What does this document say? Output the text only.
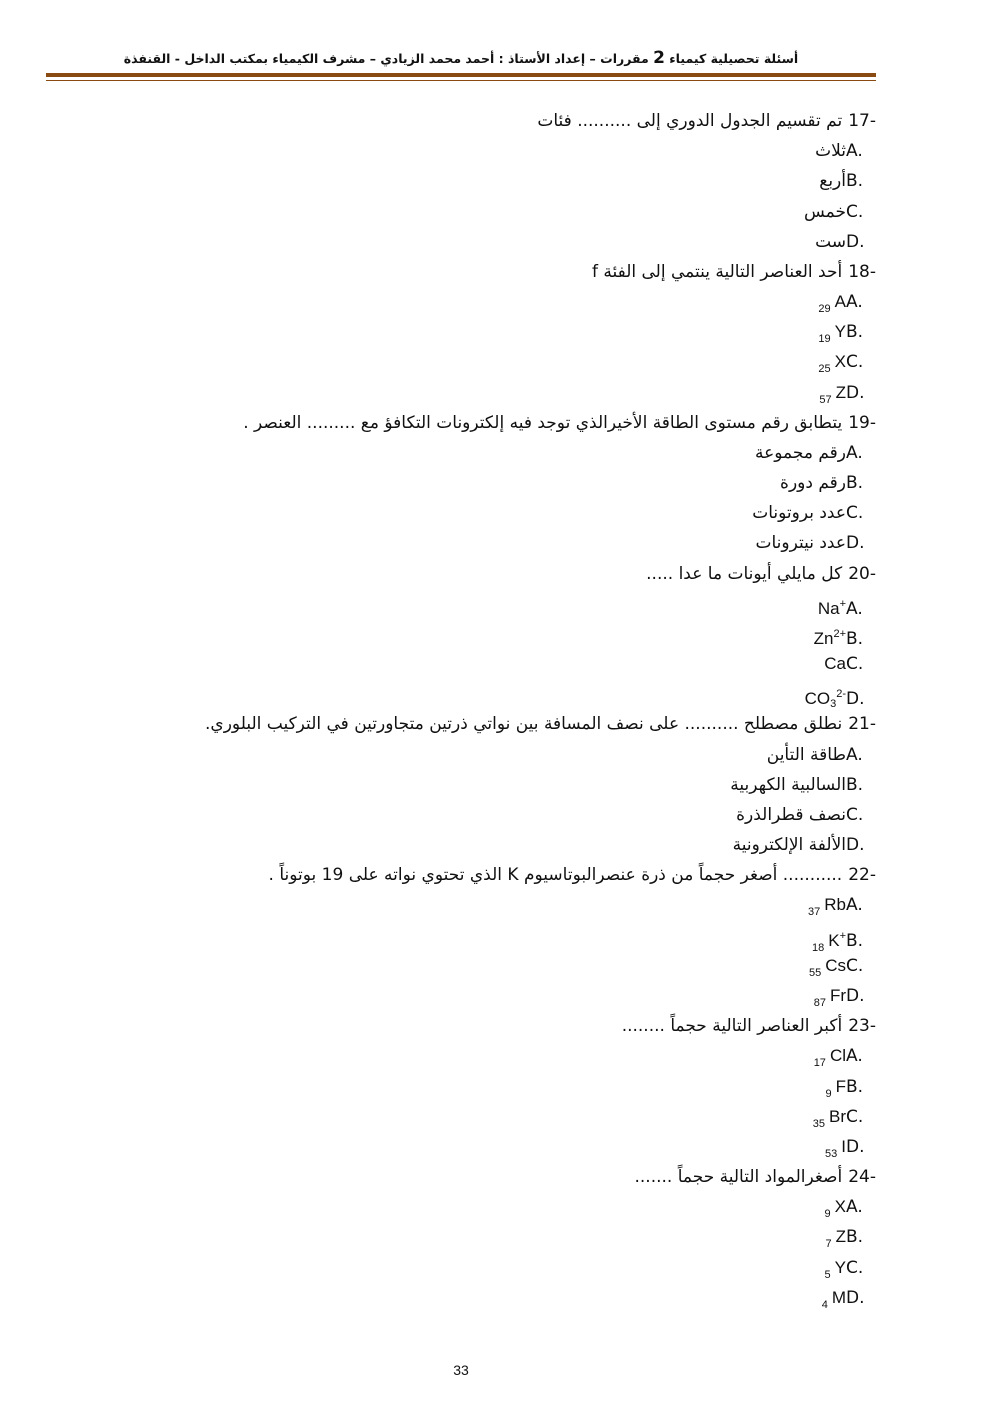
أسئلة تحصيلية كيمياء 2 مقررات – إعداد الأستاذ : أحمد محمد الزيادي – مشرف الكيمياء بمكتب الداخل - القنفذة
17-تم تقسيم الجدول الدوري إلى .......... فئات
A.ثلاث
B.أربع
C.خمس
D.ست
18-أحد العناصر التالية ينتمي إلى الفئة f
$A._{29}$ A
$B._{19}$ Y
$C._{25}$ X
$D._{57}$ Z
19-يتطابق رقم مستوى الطاقة الأخيرالذي توجد فيه إلكترونات التكافؤ مع ......... العنصر .
A.رقم مجموعة
B.رقم دورة
C.عدد بروتونات
D.عدد نيترونات
20-كل مايلي أيونات ما عدا .....
A.Na+
$B.Zn^{2+}$
C.Ca
$D.CO_3^{2-}$
21-نطلق مصطلح .......... على نصف المسافة بين نواتي ذرتين متجاورتين في التركيب البلوري.
A.طاقة التأين
B.السالبية الكهربية
C.نصف قطرالذرة
D.الألفة الإلكترونية
22-........... أصغر حجماً من ذرة عنصرالبوتاسيوم K الذي تحتوي نواته على 19 بوتوناً .
$A._{37}$ Rb
$B._{18}$ K+
$C._{55}$ Cs
$D._{87}$ Fr
23-أكبر العناصر التالية حجماً ........
$A._{17}$ Cl
$B._9$ F
$C._{35}$ Br
$D._{53}$ I
24-أصغرالمواد التالية حجماً .......
$A._9$ X
$B._7$ Z
$C._5$ Y
$D._4$ M
33
